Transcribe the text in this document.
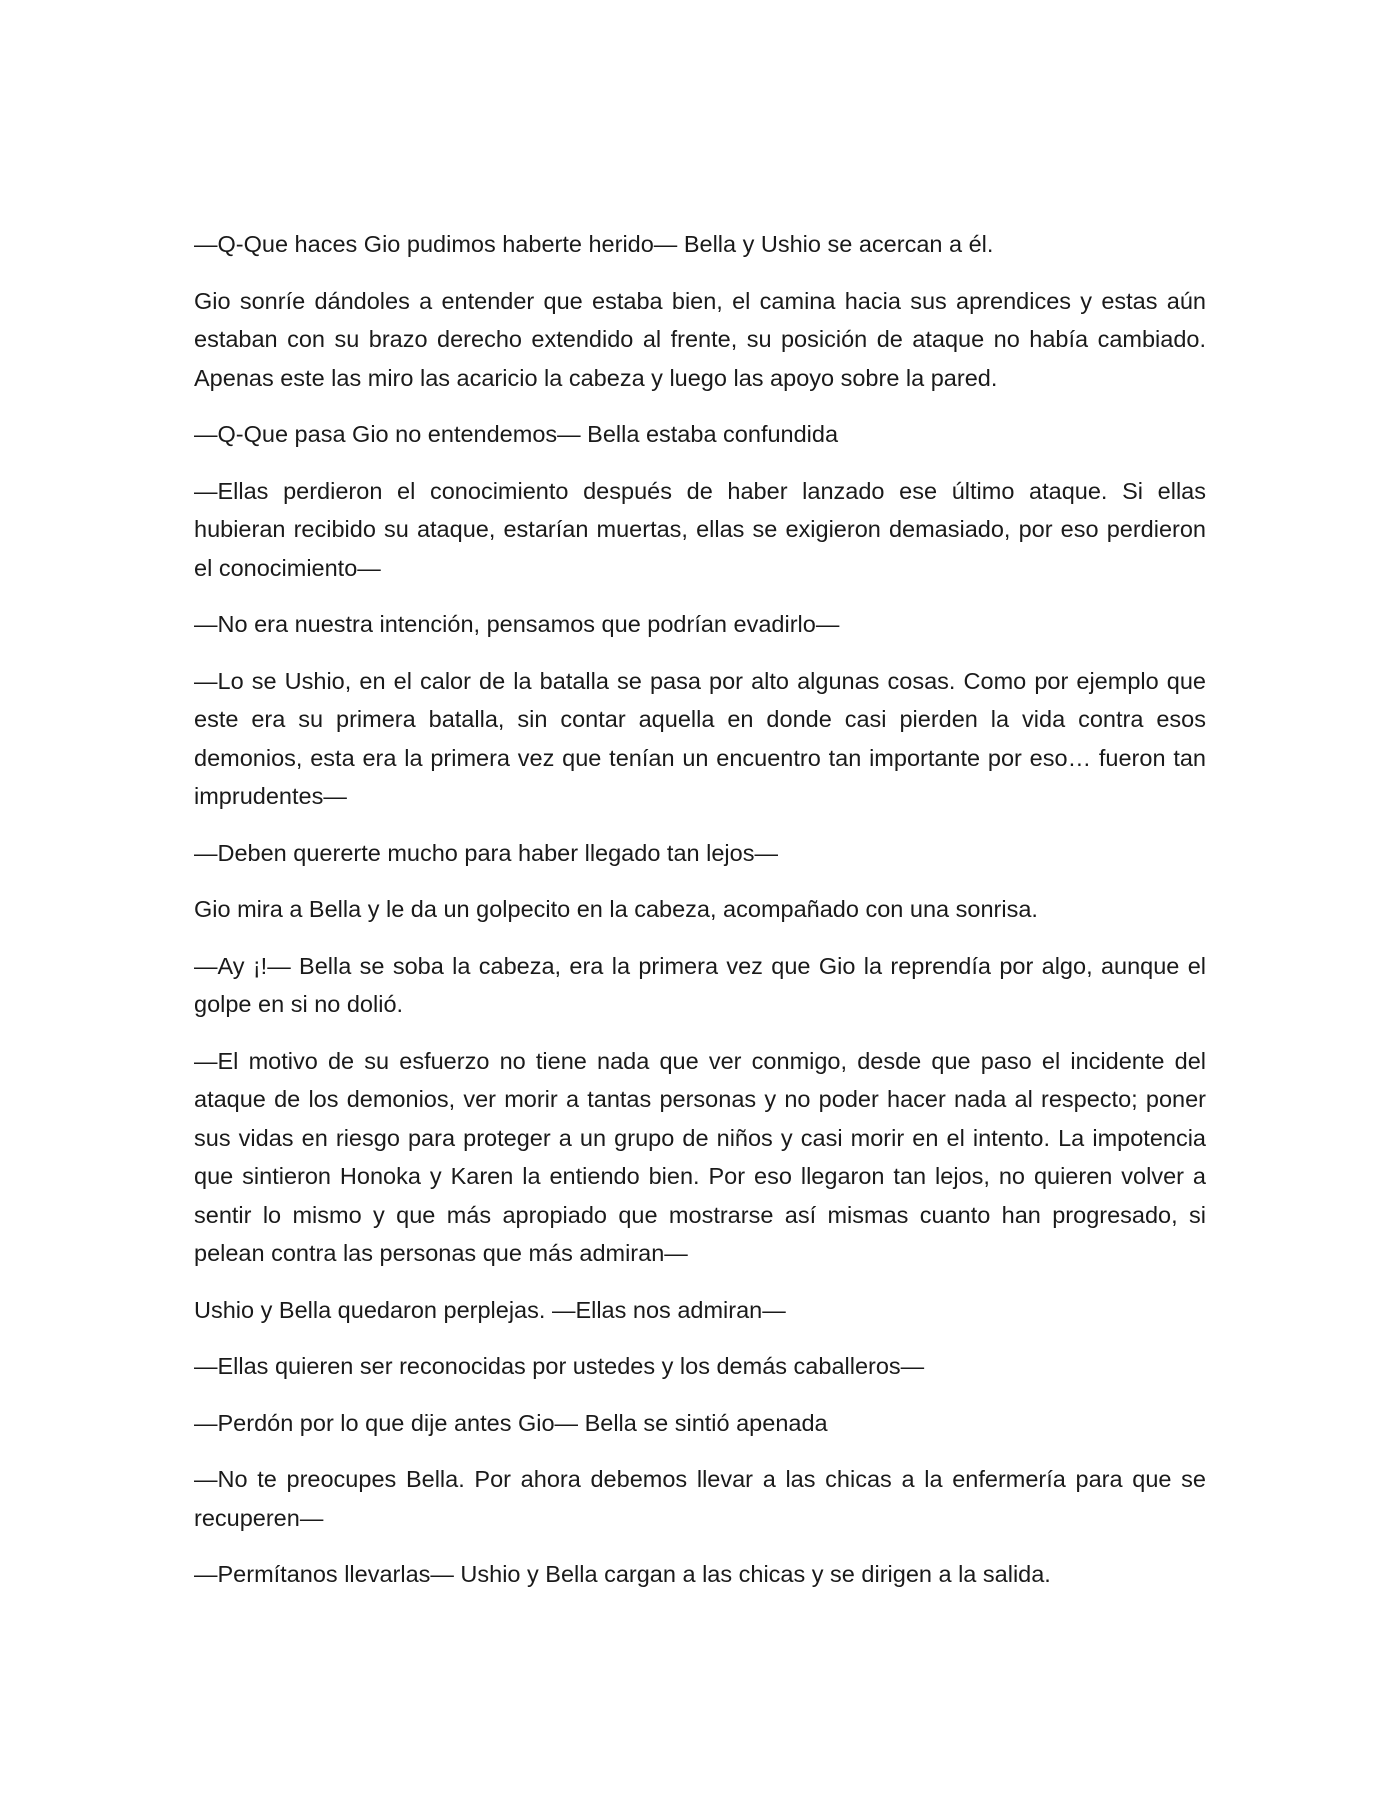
—Q-Que haces Gio pudimos haberte herido— Bella y Ushio se acercan a él.

Gio sonríe dándoles a entender que estaba bien, el camina hacia sus aprendices y estas aún estaban con su brazo derecho extendido al frente, su posición de ataque no había cambiado. Apenas este las miro las acaricio la cabeza y luego las apoyo sobre la pared.

—Q-Que pasa Gio no entendemos— Bella estaba confundida

—Ellas perdieron el conocimiento después de haber lanzado ese último ataque. Si ellas hubieran recibido su ataque, estarían muertas, ellas se exigieron demasiado, por eso perdieron el conocimiento—

—No era nuestra intención, pensamos que podrían evadirlo—

—Lo se Ushio, en el calor de la batalla se pasa por alto algunas cosas. Como por ejemplo que este era su primera batalla, sin contar aquella en donde casi pierden la vida contra esos demonios, esta era la primera vez que tenían un encuentro tan importante por eso… fueron tan imprudentes—

—Deben quererte mucho para haber llegado tan lejos—

Gio mira a Bella y le da un golpecito en la cabeza, acompañado con una sonrisa.

—Ay ¡!— Bella se soba la cabeza, era la primera vez que Gio la reprendía por algo, aunque el golpe en si no dolió.

—El motivo de su esfuerzo no tiene nada que ver conmigo, desde que paso el incidente del ataque de los demonios, ver morir a tantas personas y no poder hacer nada al respecto; poner sus vidas en riesgo para proteger a un grupo de niños y casi morir en el intento. La impotencia que sintieron Honoka y Karen la entiendo bien. Por eso llegaron tan lejos, no quieren volver a sentir lo mismo y que más apropiado que mostrarse así mismas cuanto han progresado, si pelean contra las personas que más admiran—

Ushio y Bella quedaron perplejas. —Ellas nos admiran—

—Ellas quieren ser reconocidas por ustedes y los demás caballeros—

—Perdón por lo que dije antes Gio— Bella se sintió apenada

—No te preocupes Bella. Por ahora debemos llevar a las chicas a la enfermería para que se recuperen—

—Permítanos llevarlas— Ushio y Bella cargan a las chicas y se dirigen a la salida.
